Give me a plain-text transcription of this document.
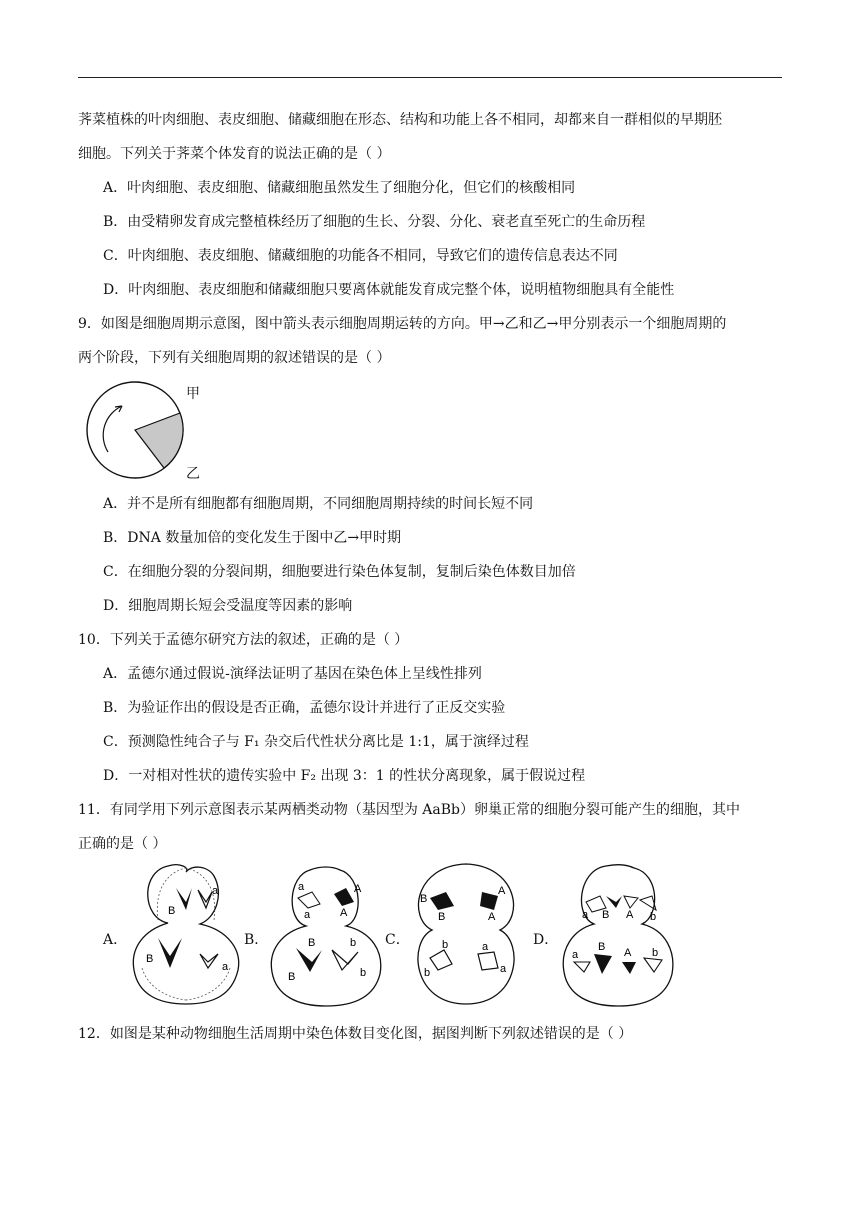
荠菜植株的叶肉细胞、表皮细胞、储藏细胞在形态、结构和功能上各不相同，却都来自一群相似的早期胚
细胞。下列关于荠菜个体发育的说法正确的是（ ）
A．叶肉细胞、表皮细胞、储藏细胞虽然发生了细胞分化，但它们的核酸相同
B．由受精卵发育成完整植株经历了细胞的生长、分裂、分化、衰老直至死亡的生命历程
C．叶肉细胞、表皮细胞、储藏细胞的功能各不相同，导致它们的遗传信息表达不同
D．叶肉细胞、表皮细胞和储藏细胞只要离体就能发育成完整个体，说明植物细胞具有全能性
9．如图是细胞周期示意图，图中箭头表示细胞周期运转的方向。甲→乙和乙→甲分别表示一个细胞周期的
两个阶段，下列有关细胞周期的叙述错误的是（ ）
甲
乙
A．并不是所有细胞都有细胞周期，不同细胞周期持续的时间长短不同
B．DNA 数量加倍的变化发生于图中乙→甲时期
C．在细胞分裂的分裂间期，细胞要进行染色体复制，复制后染色体数目加倍
D．细胞周期长短会受温度等因素的影响
10．下列关于孟德尔研究方法的叙述，正确的是（ ）
A．孟德尔通过假说-演绎法证明了基因在染色体上呈线性排列
B．为验证作出的假设是否正确，孟德尔设计并进行了正反交实验
C．预测隐性纯合子与 F₁ 杂交后代性状分离比是 1:1，属于演绎过程
D．一对相对性状的遗传实验中 F₂ 出现 3：1 的性状分离现象，属于假说过程
11．有同学用下列示意图表示某两栖类动物（基因型为 AaBb）卵巢正常的细胞分裂可能产生的细胞，其中
正确的是（ ）
A．	B．	C．	D．
B
a
B
a
a	A
a	A
B	b
B	b
B
A
B	A
b	a
b	a
a B A b
a
B A b
12．如图是某种动物细胞生活周期中染色体数目变化图，据图判断下列叙述错误的是（ ）
